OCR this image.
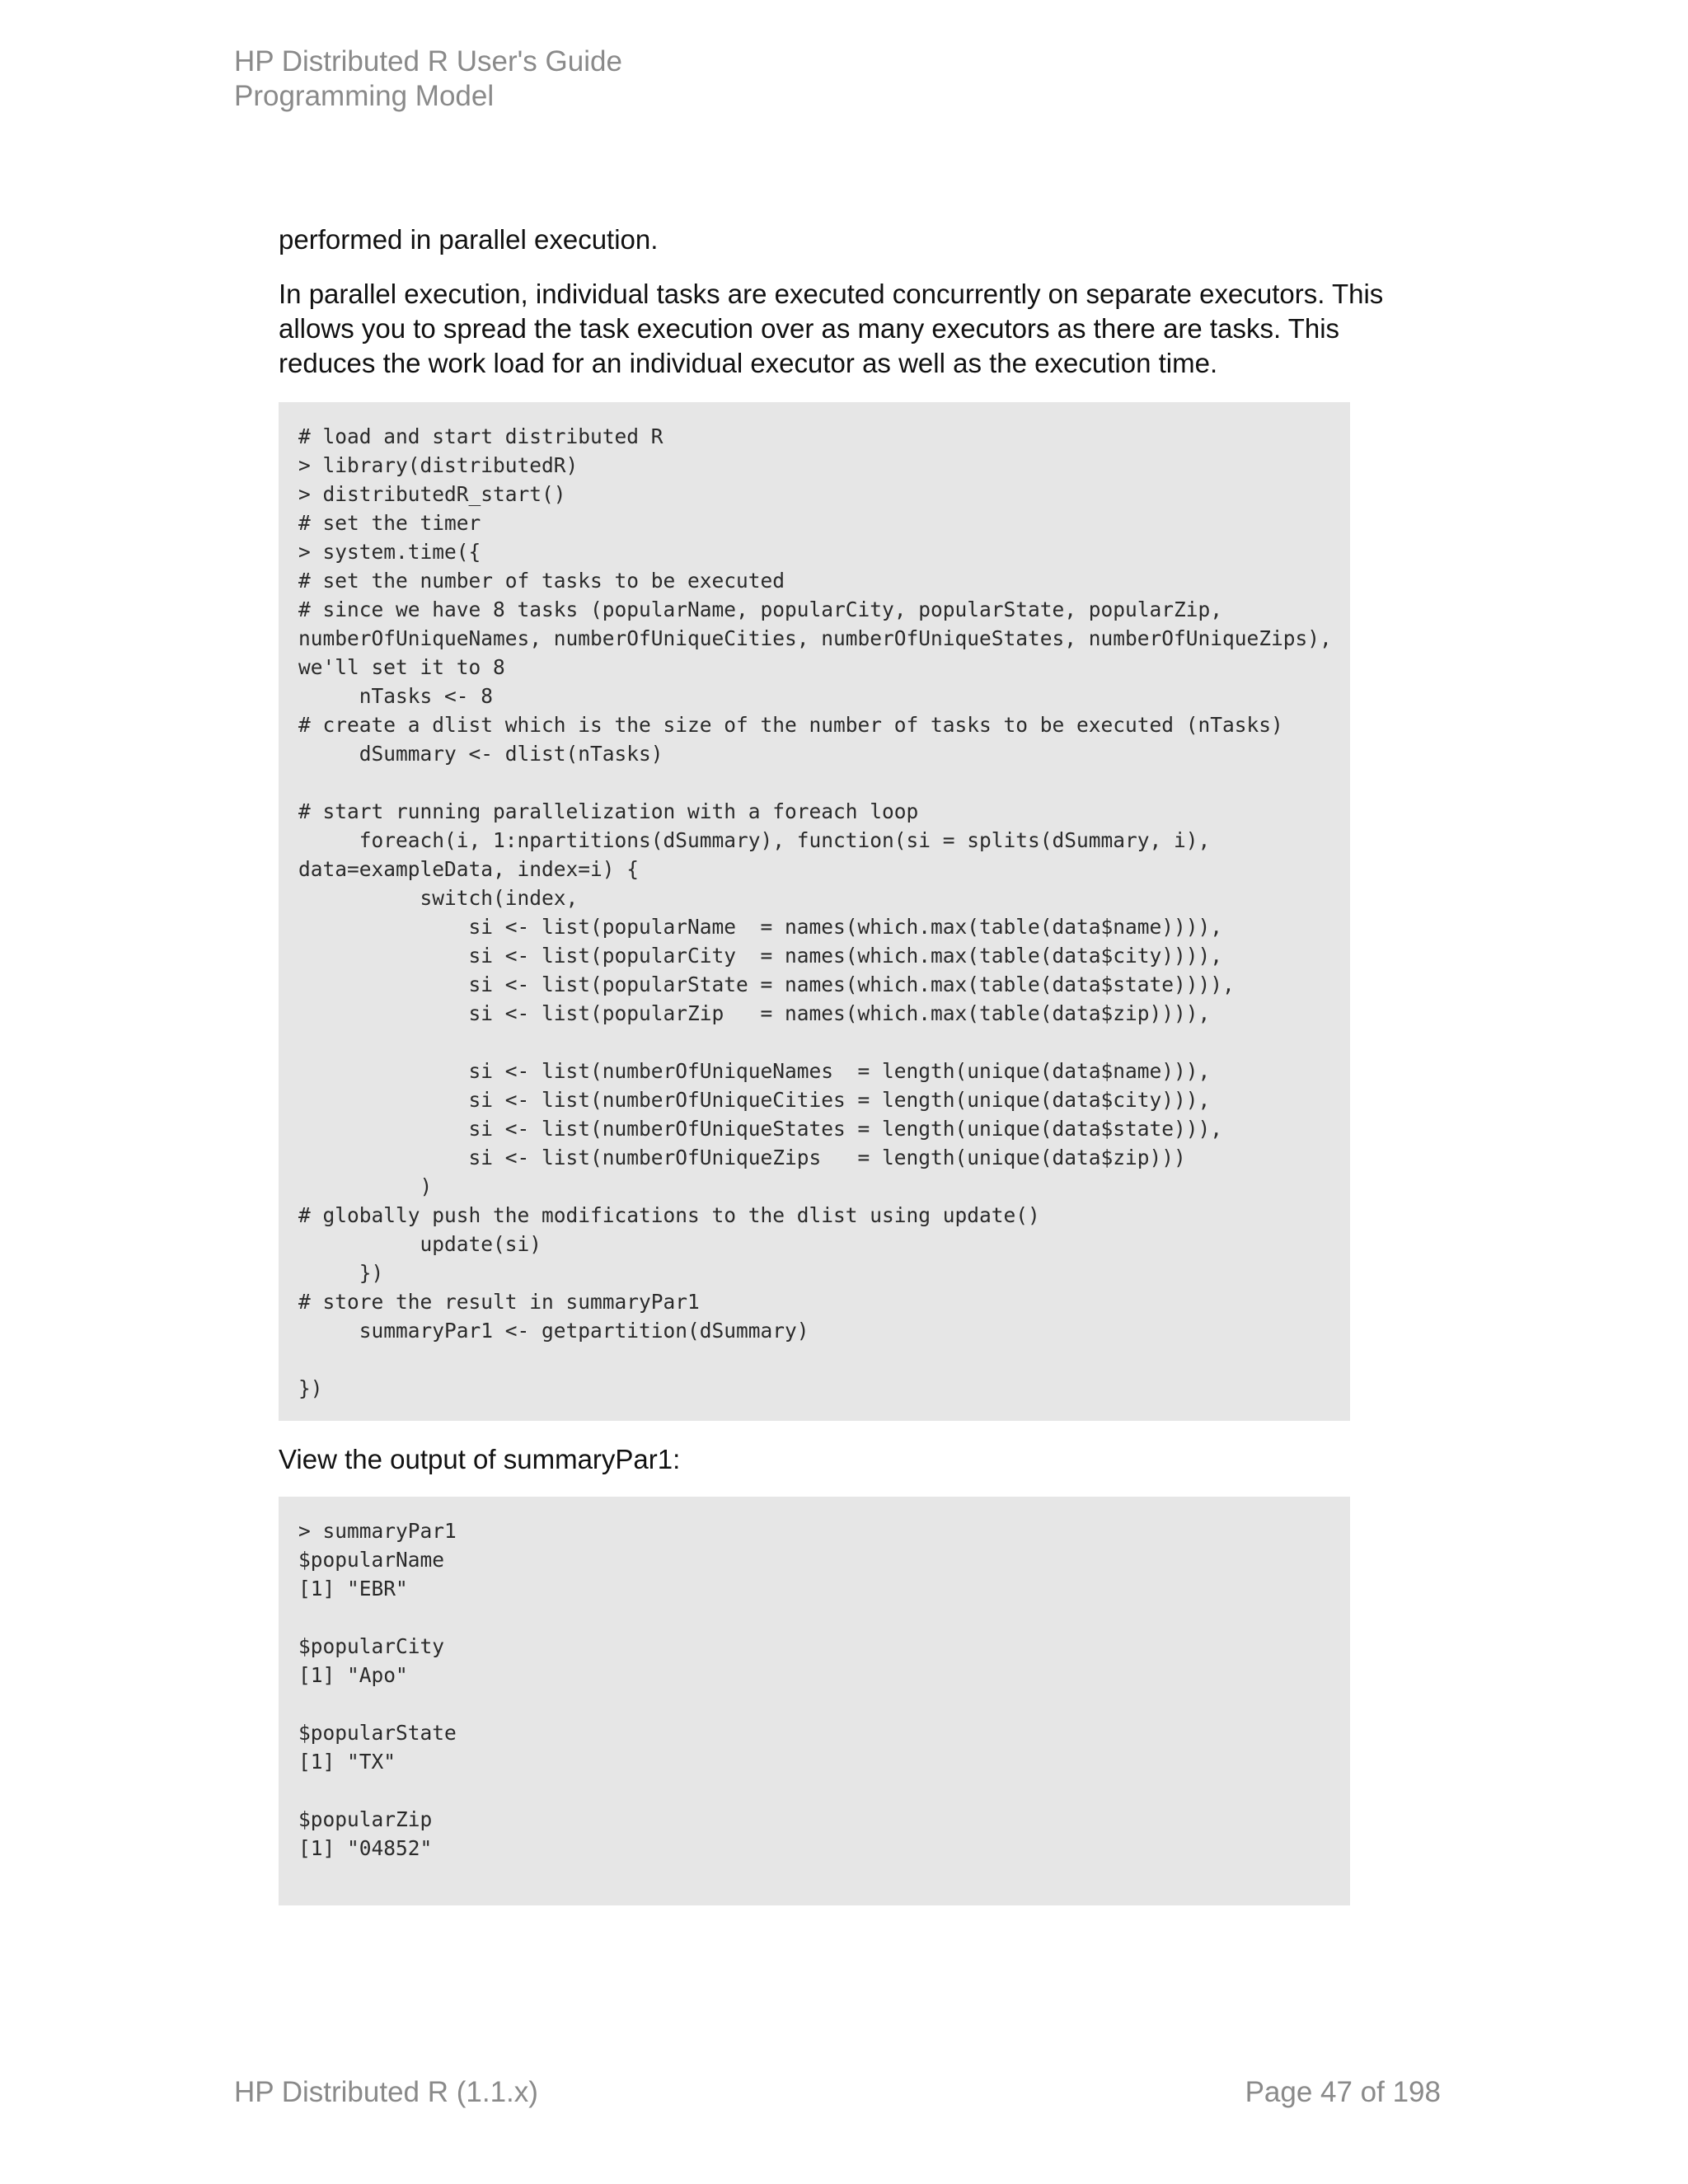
HP Distributed R User's Guide
Programming Model

performed in parallel execution.

In parallel execution, individual tasks are executed concurrently on separate executors. This allows you to spread the task execution over as many executors as there are tasks. This reduces the work load for an individual executor as well as the execution time.

# load and start distributed R
> library(distributedR)
> distributedR_start()
# set the timer
> system.time({
# set the number of tasks to be executed
# since we have 8 tasks (popularName, popularCity, popularState, popularZip,
numberOfUniqueNames, numberOfUniqueCities, numberOfUniqueStates, numberOfUniqueZips),
we'll set it to 8
nTasks <- 8
# create a dlist which is the size of the number of tasks to be executed (nTasks)
dSummary <- dlist(nTasks)

# start running parallelization with a foreach loop
foreach(i, 1:npartitions(dSummary), function(si = splits(dSummary, i),
data=exampleData, index=i) {
switch(index,
si <- list(popularName  = names(which.max(table(data$name)))),
si <- list(popularCity  = names(which.max(table(data$city)))),
si <- list(popularState = names(which.max(table(data$state)))),
si <- list(popularZip   = names(which.max(table(data$zip)))),

si <- list(numberOfUniqueNames  = length(unique(data$name))),
si <- list(numberOfUniqueCities = length(unique(data$city))),
si <- list(numberOfUniqueStates = length(unique(data$state))),
si <- list(numberOfUniqueZips   = length(unique(data$zip)))
)
# globally push the modifications to the dlist using update()
update(si)
})
# store the result in summaryPar1
summaryPar1 <- getpartition(dSummary)

})

View the output of summaryPar1:

> summaryPar1
$popularName
[1] "EBR"

$popularCity
[1] "Apo"

$popularState
[1] "TX"

$popularZip
[1] "04852"
HP Distributed R (1.1.x)	Page 47 of 198
